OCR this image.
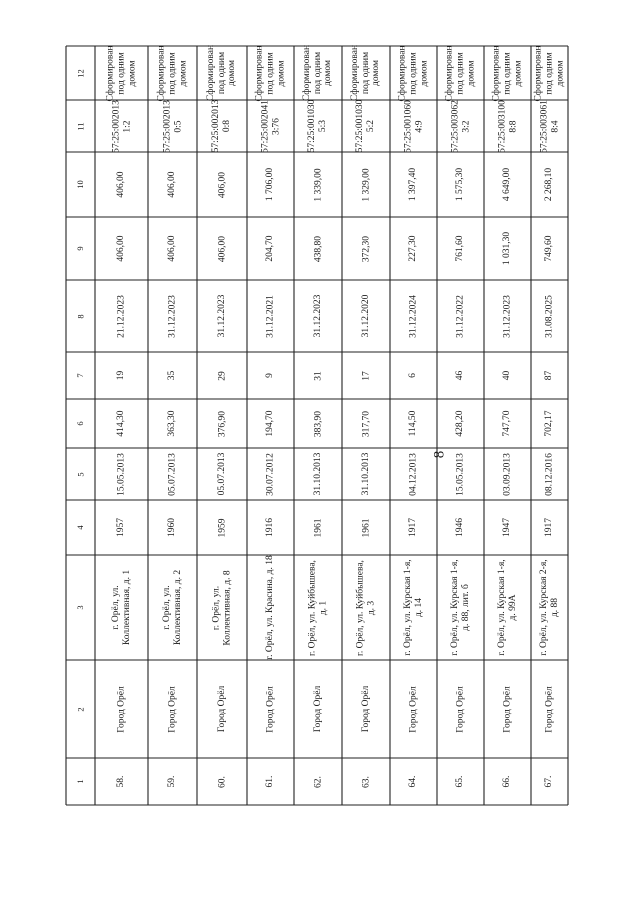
1
2
3
4
5
6
7
8
9
10
11
12
58.
Город Орёл
г. Орёл, ул. Коллективная, д. 1
1957
15.05.2013
414,30
19
21.12.2023
406,00
406,00
57:25:002013 1:2
Сформирован под одним домом
59.
Город Орёл
г. Орёл, ул. Коллективная, д. 2
1960
05.07.2013
363,30
35
31.12.2023
406,00
406,00
57:25:002013 0:5
Сформирован под одним домом
60.
Город Орёл
г. Орёл, ул. Коллективная, д. 8
1959
05.07.2013
376,90
29
31.12.2023
406,00
406,00
57:25:002013 0:8
Сформирован под одним домом
61.
Город Орёл
г. Орёл, ул. Красина, д. 18
1916
30.07.2012
194,70
9
31.12.2021
204,70
1 706,00
57:25:002041 3:76
Сформирован под одним домом
62.
Город Орёл
г. Орёл, ул. Куйбышева, д. 1
1961
31.10.2013
383,90
31
31.12.2023
438,80
1 339,00
57:25:001030 5:3
Сформирован под одним домом
63.
Город Орёл
г. Орёл, ул. Куйбышева, д. 3
1961
31.10.2013
317,70
17
31.12.2020
372,30
1 329,00
57:25:001030 5:2
Сформирован под одним домом
64.
Город Орёл
г. Орёл, ул. Курская 1-я, д. 14
1917
04.12.2013
114,50
6
31.12.2024
227,30
1 397,40
57:25:001060 4:9
Сформирован под одним домом
65.
Город Орёл
г. Орёл, ул. Курская 1-я, д. 88, лит. б
1946
15.05.2013
428,20
46
31.12.2022
761,60
1 575,30
57:25:003062 3:2
Сформирован под одним домом
66.
Город Орёл
г. Орёл, ул. Курская 1-я, д. 99А
1947
03.09.2013
747,70
40
31.12.2023
1 031,30
4 649,00
57:25:003100 8:8
Сформирован под одним домом
67.
Город Орёл
г. Орёл, ул. Курская 2-я, д. 88
1917
08.12.2016
702,17
87
31.08.2025
749,60
2 268,10
57:25:003061 8:4
Сформирован под одним домом
8
